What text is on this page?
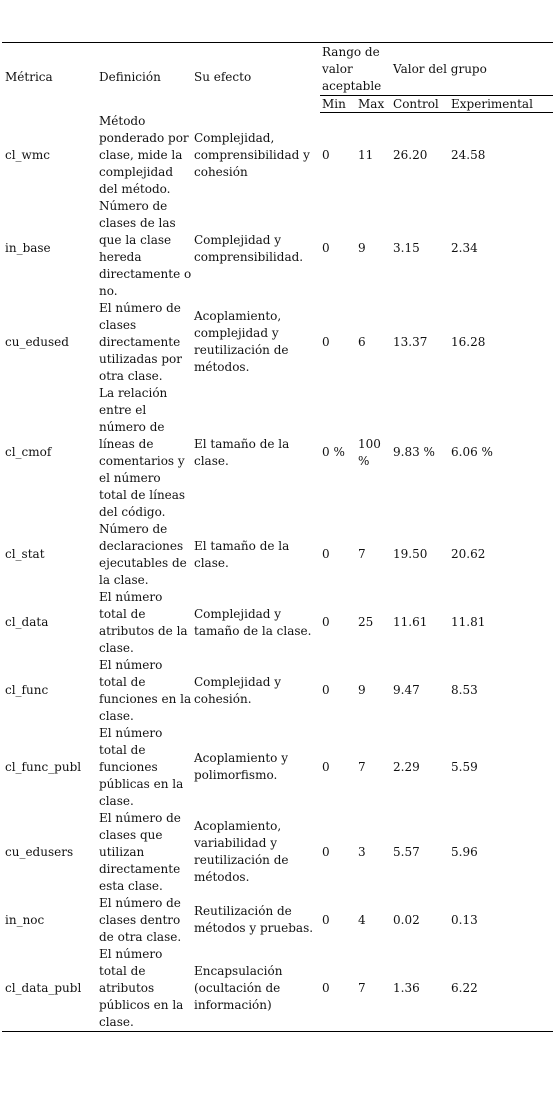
Métrica	Definición	Su efecto	Rango de valor aceptable		Valor del grupo	
			Min	Max	Control	Experimental
cl_wmc	Método ponderado por clase, mide la complejidad del método.	Complejidad, comprensibilidad y cohesión	0	11	26.20	24.58
in_base	Número de clases de las que la clase hereda directamente o no.	Complejidad y comprensibilidad.	0	9	3.15	2.34
cu_edused	El número de clases directamente utilizadas por otra clase.	Acoplamiento, complejidad y reutilización de métodos.	0	6	13.37	16.28
cl_cmof	La relación entre el número de líneas de comentarios y el número total de líneas del código.	El tamaño de la clase.	0 %	100 %	9.83 %	6.06 %
cl_stat	Número de declaraciones ejecutables de la clase.	El tamaño de la clase.	0	7	19.50	20.62
cl_data	El número total de atributos de la clase.	Complejidad y tamaño de la clase.	0	25	11.61	11.81
cl_func	El número total de funciones en la clase.	Complejidad y cohesión.	0	9	9.47	8.53
cl_func_publ	El número total de funciones públicas en la clase.	Acoplamiento y polimorfismo.	0	7	2.29	5.59
cu_edusers	El número de clases que utilizan directamente esta clase.	Acoplamiento, variabilidad y reutilización de métodos.	0	3	5.57	5.96
in_noc	El número de clases dentro de otra clase.	Reutilización de métodos y pruebas.	0	4	0.02	0.13
cl_data_publ	El número total de atributos públicos en la clase.	Encapsulación (ocultación de información)	0	7	1.36	6.22
